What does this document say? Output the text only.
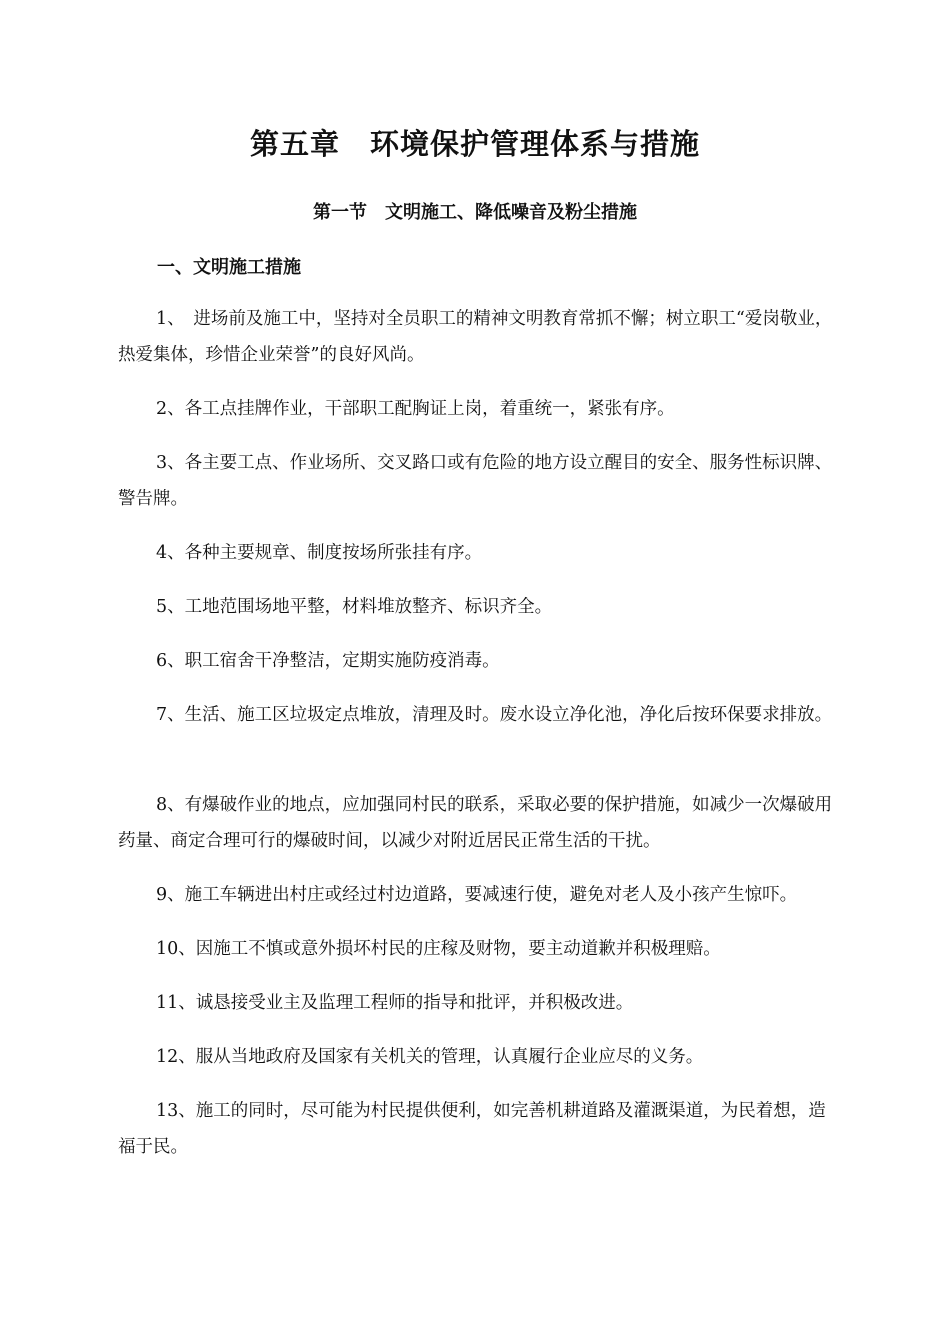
第五章　环境保护管理体系与措施
第一节　文明施工、降低噪音及粉尘措施
一、文明施工措施

1、　进场前及施工中，坚持对全员职工的精神文明教育常抓不懈；树立职工“爱岗敬业，热爱集体，珍惜企业荣誉”的良好风尚。

2、各工点挂牌作业，干部职工配胸证上岗，着重统一，紧张有序。

3、各主要工点、作业场所、交叉路口或有危险的地方设立醒目的安全、服务性标识牌、警告牌。

4、各种主要规章、制度按场所张挂有序。

5、工地范围场地平整，材料堆放整齐、标识齐全。

6、职工宿舍干净整洁，定期实施防疫消毒。

7、生活、施工区垃圾定点堆放，清理及时。废水设立净化池，净化后按环保要求排放。

8、有爆破作业的地点，应加强同村民的联系，采取必要的保护措施，如减少一次爆破用药量、商定合理可行的爆破时间，以减少对附近居民正常生活的干扰。

9、施工车辆进出村庄或经过村边道路，要减速行使，避免对老人及小孩产生惊吓。

10、因施工不慎或意外损坏村民的庄稼及财物，要主动道歉并积极理赔。

11、诚恳接受业主及监理工程师的指导和批评，并积极改进。

12、服从当地政府及国家有关机关的管理，认真履行企业应尽的义务。

13、施工的同时，尽可能为村民提供便利，如完善机耕道路及灌溉渠道，为民着想，造福于民。
